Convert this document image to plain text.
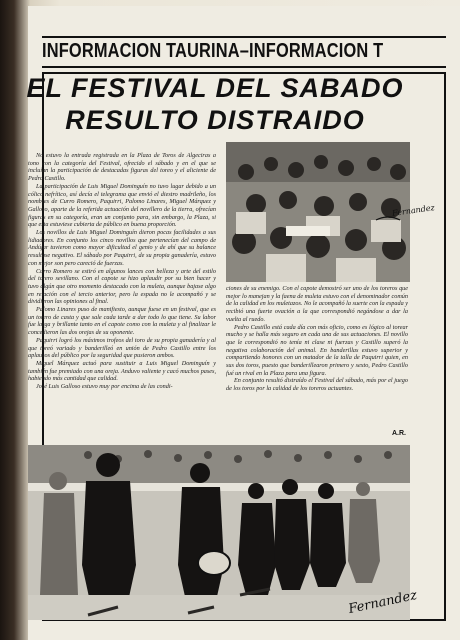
INFORMACION TAURINA–INFORMACION T
EL FESTIVAL DEL SABADO
RESULTO DISTRAIDO

No estuvo la entrada registrada en la Plaza de Toros de Algeciras a tono con la categoría del Festival, ofrecido el sábado y en el que se incluían la participación de destacadas figuras del toreo y el aliciente de Pedro Castillo.

La participación de Luis Miguel Dominguín no tuvo lugar debido a un cólico nefrítico, así decía el telegrama que envió el diestro madrileño, los nombres de Curro Romero, Paquirri, Palomo Linares, Miguel Márquez y Galloso, aparte de la referida actuación del novillero de la tierra, ofrecían figuras en su categoría, eran un conjunto para, sin embargo, la Plaza, si que esta estuviese cubierta de público en buena proporción.

Los novillos de Luis Miguel Dominguín dieron pocas facilidades a sus lidiadores. En conjunto los cinco novillos que pertenecían del campo de Andújar tuvieron como mayor dificultad el genio y de ahí que su balance resultase negativo. El sábado por Paquirri, de su propia ganadería, estuvo con mejor son pero careció de fuerzas.

Curro Romero se estiró en algunos lances con belleza y arte del estilo del torero sevillano. Con el capote se hizo aplaudir por su bien hacer y tuvo algún que otro momento destacado con la muleta, aunque bajase algo en relación con el tercio anterior, pero la espada no le acompañó y se dividieron las opiniones al final.

Palomo Linares puso de manifiesto, aunque fuese en un festival, que es un torero de casta y que sale cada tarde a dar todo lo que tiene. Su labor fue larga y brillante tanto en el capote como con la muleta y al finalizar le concedieron las dos orejas de su oponente.

Paquirri logró los máximos trofeos del toro de su propia ganadería y al que toreó variado y banderilleó en unión de Pedro Castillo entre los aplausos del público por la seguridad que pusieron ambos.

Miguel Márquez actuó para sustituir a Luis Miguel Dominguín y también fue premiado con una oreja. Anduvo valiente y cacó muchos pases, habiendo más cantidad que calidad.

José Luis Galloso estuvo muy por encima de las condi-

ciones de su enemigo. Con el capote demostró ser uno de los toreros que mejor lo manejan y la faena de muleta estuvo con el denominador común de la calidad en los muletazos. No le acompañó la suerte con la espada y recibió una fuerte ovación a la que correspondió negándose a dar la vuelta al ruedo.

Pedro Castillo está cada día con más oficio, como es lógico al torear mucho y se halla más seguro en cada una de sus actuaciones. El novillo que le correspondió no tenía ni clase ni fuerzas y Castillo superó la negativa colaboración del animal. En banderillas estuvo superior y compartiendo honores con un matador de la talla de Paquirri quien, en sus dos toros, puesto que banderillearon primero y sexto, Pedro Castillo fué un rival en la Plaza para una figura.

En conjunto resultó distraído el Festival del sábado, más por el juego de los toros por la calidad de los toreros actuantes.

A.R.
Fernandez
Fernandez
